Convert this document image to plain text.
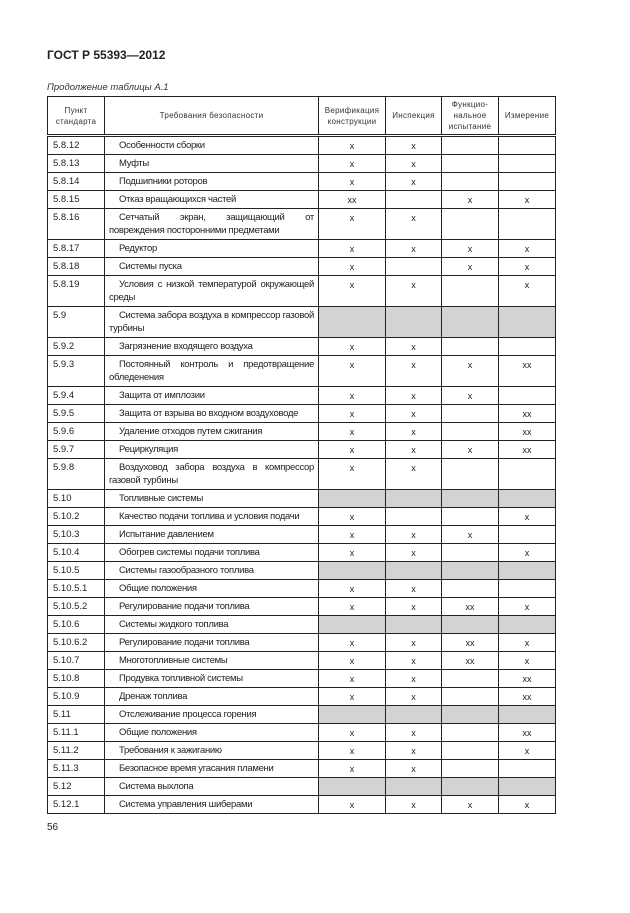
ГОСТ Р 55393—2012
Продолжение таблицы А.1
Пункт стандарта	Требования безопасности	Верификация конструкции	Инспекция	Функцио-нальное испытание	Измерение
5.8.12	Особенности сборки	x	x		
5.8.13	Муфты	x	x		
5.8.14	Подшипники роторов	x	x		
5.8.15	Отказ вращающихся частей	xx		x	x
5.8.16	Сетчатый экран, защищающий от повреждения посторонними предметами	x	x		
5.8.17	Редуктор	x	x	x	x
5.8.18	Системы пуска	x		x	x
5.8.19	Условия с низкой температурой окружающей среды	x	x		x
5.9	Система забора воздуха в компрессор газовой турбины				
5.9.2	Загрязнение входящего воздуха	x	x		
5.9.3	Постоянный контроль и предотвращение обледенения	x	x	x	xx
5.9.4	Защита от имплозии	x	x	x	
5.9.5	Защита от взрыва во входном воздуховоде	x	x		xx
5.9.6	Удаление отходов путем сжигания	x	x		xx
5.9.7	Рециркуляция	x	x	x	xx
5.9.8	Воздуховод забора воздуха в компрессор газовой турбины	x	x		
5.10	Топливные системы				
5.10.2	Качество подачи топлива и условия подачи	x			x
5.10.3	Испытание давлением	x	x	x	
5.10.4	Обогрев системы подачи топлива	x	x		x
5.10.5	Системы газообразного топлива				
5.10.5.1	Общие положения	x	x		
5.10.5.2	Регулирование подачи топлива	x	x	xx	x
5.10.6	Системы жидкого топлива				
5.10.6.2	Регулирование подачи топлива	x	x	xx	x
5.10.7	Многотопливные системы	x	x	xx	x
5.10.8	Продувка топливной системы	x	x		xx
5.10.9	Дренаж топлива	x	x		xx
5.11	Отслеживание процесса горения				
5.11.1	Общие положения	x	x		xx
5.11.2	Требования к зажиганию	x	x		x
5.11.3	Безопасное время угасания пламени	x	x		
5.12	Система выхлопа				
5.12.1	Система управления шиберами	x	x	x	x
56
